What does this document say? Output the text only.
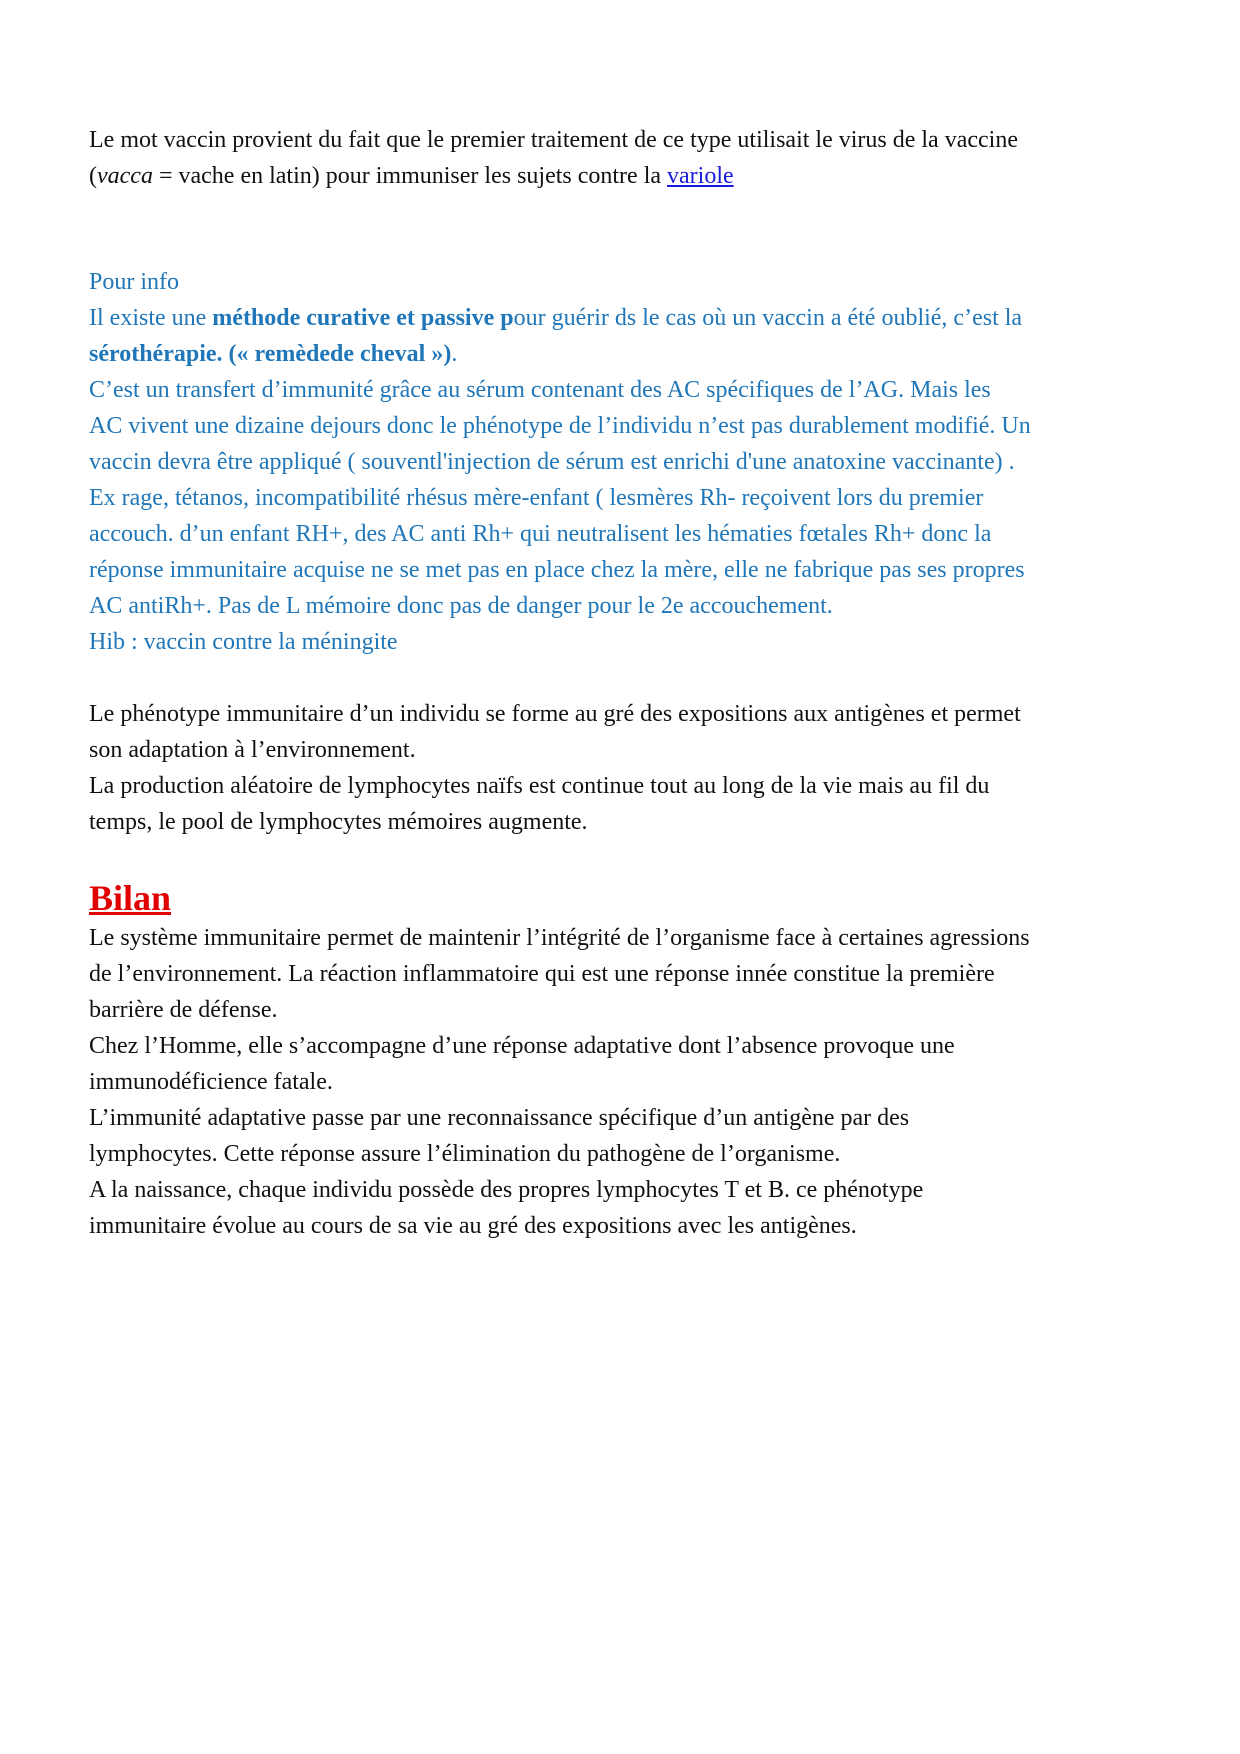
Le mot vaccin provient du fait que le premier traitement de ce type utilisait le virus de la vaccine
(vacca = vache en latin) pour immuniser les sujets contre la variole
Pour info
Il existe une méthode curative et passive pour guérir ds le cas où un vaccin a été oublié, c’est la
sérothérapie. (« remèdede cheval »).
C’est un transfert d’immunité grâce au sérum contenant des AC spécifiques de l’AG. Mais les
AC vivent une dizaine dejours donc le phénotype de l’individu n’est pas durablement modifié. Un
vaccin devra être appliqué ( souventl'injection de sérum est enrichi d'une anatoxine vaccinante) .
Ex rage, tétanos, incompatibilité rhésus mère-enfant ( lesmères Rh- reçoivent lors du premier
accouch. d’un enfant RH+, des AC anti Rh+ qui neutralisent les hématies fœtales Rh+ donc la
réponse immunitaire acquise ne se met pas en place chez la mère, elle ne fabrique pas ses propres
AC antiRh+. Pas de L mémoire donc pas de danger pour le 2e accouchement.
Hib : vaccin contre la méningite
Le phénotype immunitaire d’un individu se forme au gré des expositions aux antigènes et permet
son adaptation à l’environnement.
La production aléatoire de lymphocytes naïfs est continue tout au long de la vie mais au fil du
temps, le pool de lymphocytes mémoires augmente.
Bilan
Le système immunitaire permet de maintenir l’intégrité de l’organisme face à certaines agressions
de l’environnement. La réaction inflammatoire qui est une réponse innée constitue la première
barrière de défense.
Chez l’Homme, elle s’accompagne d’une réponse adaptative dont l’absence provoque une
immunodéficience fatale.
L’immunité adaptative passe par une reconnaissance spécifique d’un antigène par des
lymphocytes. Cette réponse assure l’élimination du pathogène de l’organisme.
A la naissance, chaque individu possède des propres lymphocytes T et B. ce phénotype
immunitaire évolue au cours de sa vie au gré des expositions avec les antigènes.
